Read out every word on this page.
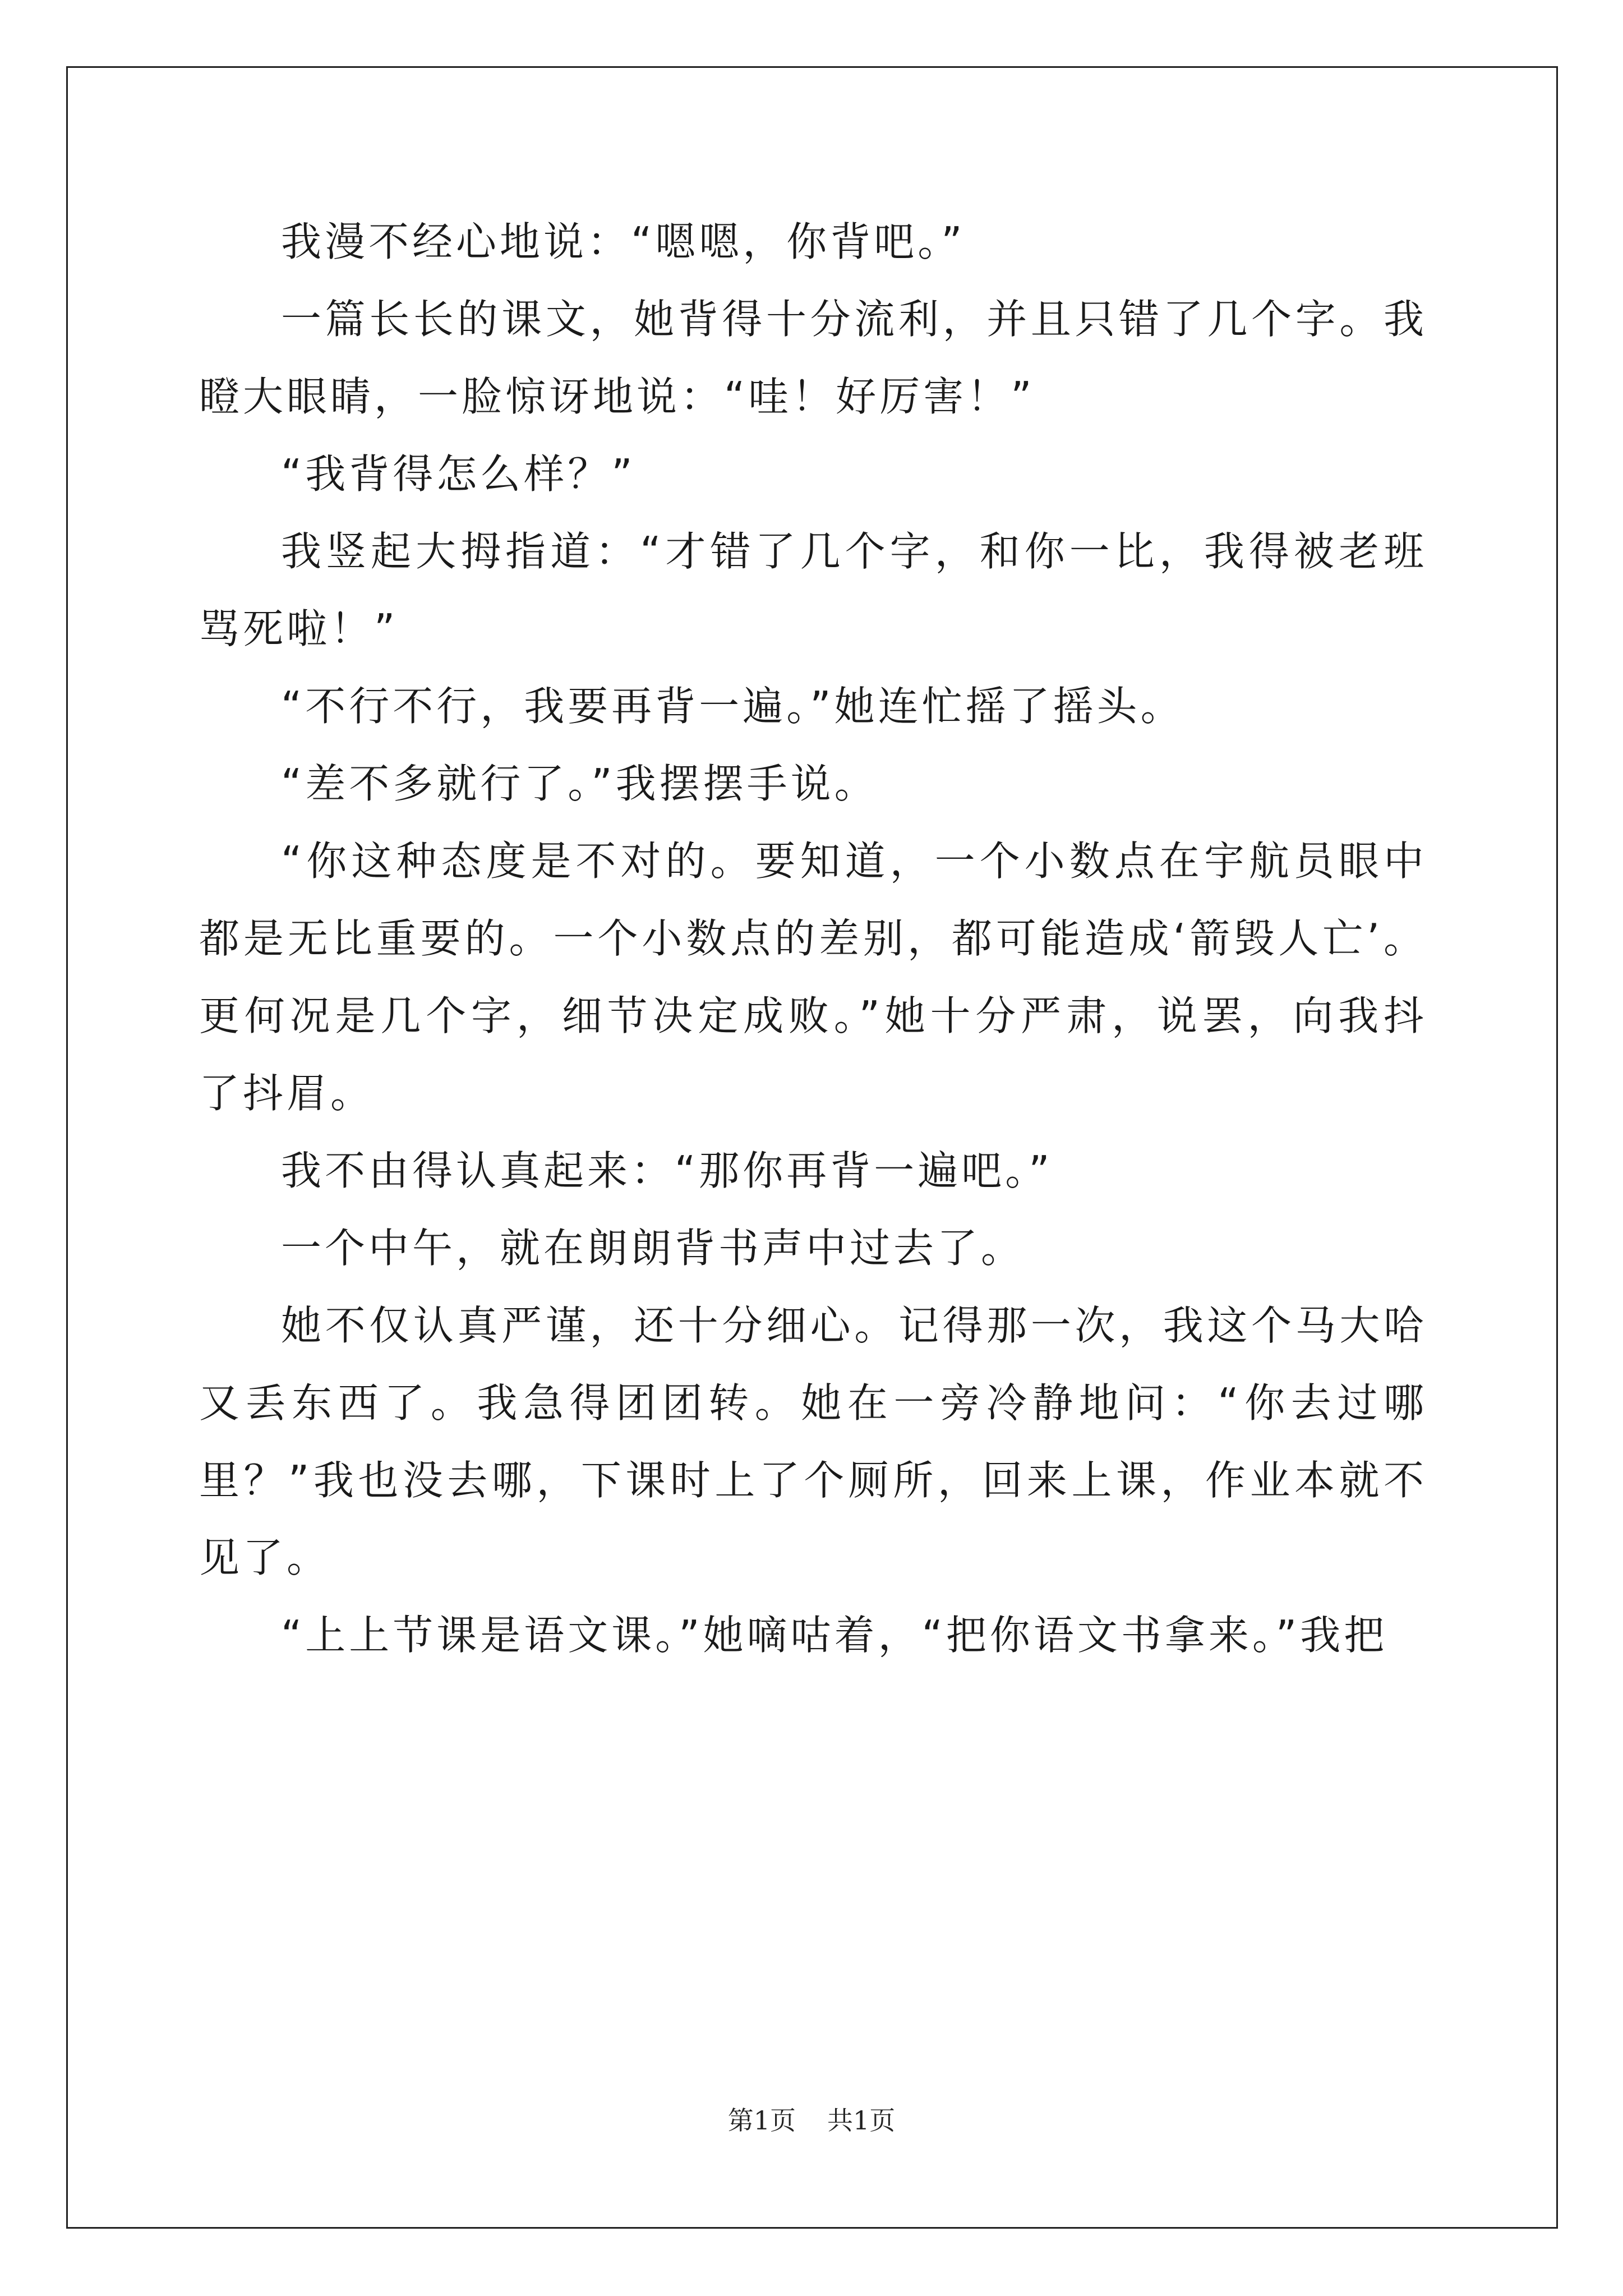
我漫不经心地说：“嗯嗯，你背吧。”

一篇长长的课文，她背得十分流利，并且只错了几个字。我瞪大眼睛，一脸惊讶地说：“哇！好厉害！”

“我背得怎么样？”

我竖起大拇指道：“才错了几个字，和你一比，我得被老班骂死啦！”

“不行不行，我要再背一遍。”她连忙摇了摇头。

“差不多就行了。”我摆摆手说。

“你这种态度是不对的。要知道，一个小数点在宇航员眼中都是无比重要的。一个小数点的差别，都可能造成‘箭毁人亡’。更何况是几个字，细节决定成败。”她十分严肃，说罢，向我抖了抖眉。

我不由得认真起来：“那你再背一遍吧。”

一个中午，就在朗朗背书声中过去了。

她不仅认真严谨，还十分细心。记得那一次，我这个马大哈又丢东西了。我急得团团转。她在一旁冷静地问：“你去过哪里？”我也没去哪，下课时上了个厕所，回来上课，作业本就不见了。

“上上节课是语文课。”她嘀咕着，“把你语文书拿来。”我把

第1页 共1页
